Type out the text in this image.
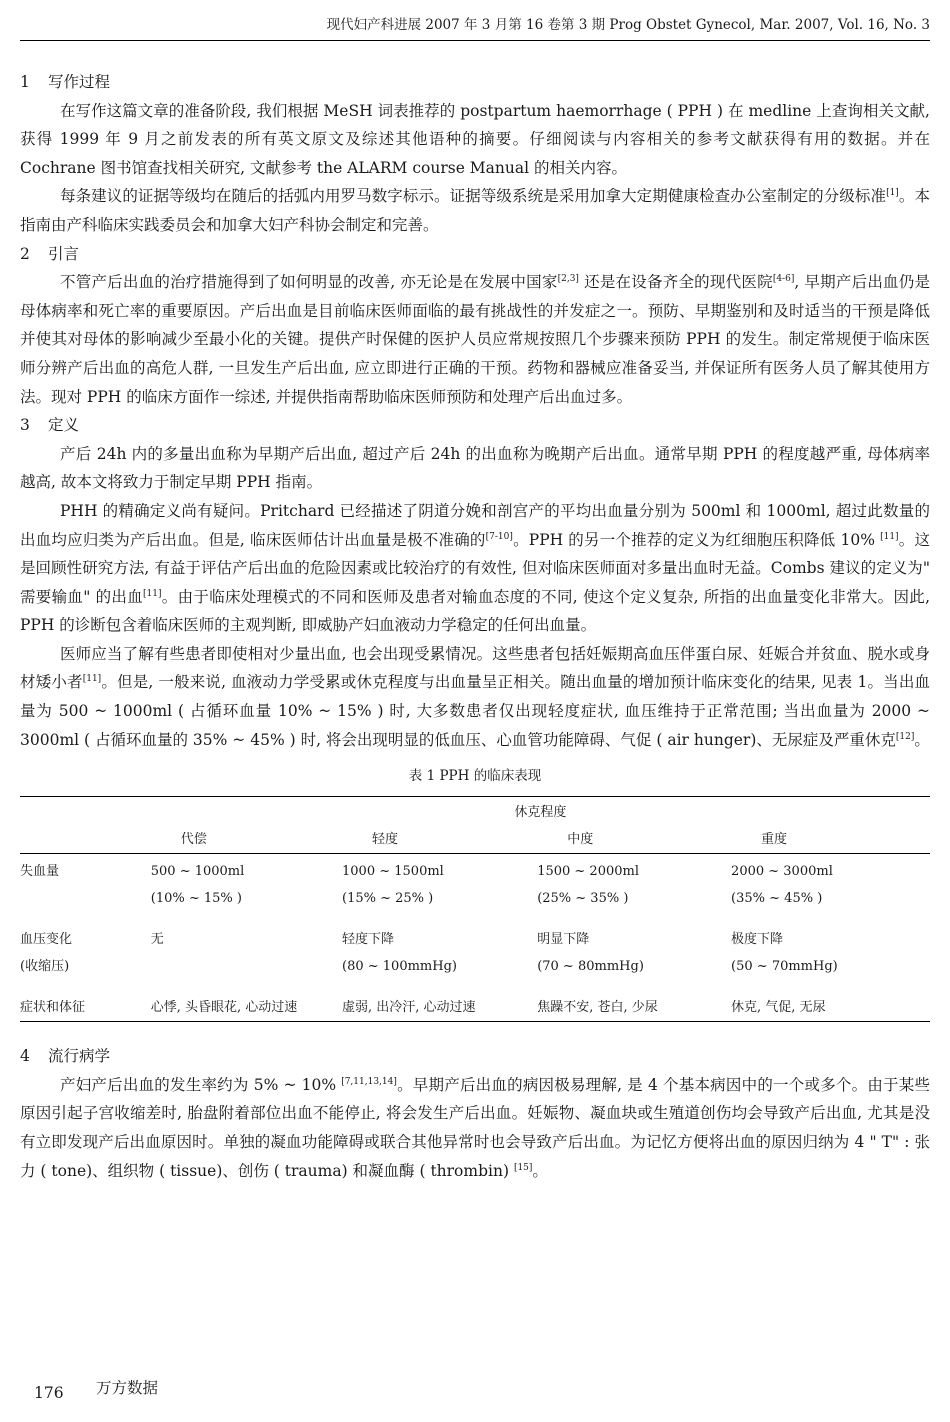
现代妇产科进展 2007 年 3 月第 16 卷第 3 期 Prog Obstet Gynecol, Mar. 2007, Vol. 16, No. 3
1 写作过程

在写作这篇文章的准备阶段, 我们根据 MeSH 词表推荐的 postpartum haemorrhage ( PPH ) 在 medline 上查询相关文献, 获得 1999 年 9 月之前发表的所有英文原文及综述其他语种的摘要。仔细阅读与内容相关的参考文献获得有用的数据。并在 Cochrane 图书馆查找相关研究, 文献参考 the ALARM course Manual 的相关内容。

每条建议的证据等级均在随后的括弧内用罗马数字标示。证据等级系统是采用加拿大定期健康检查办公室制定的分级标准[1]。本指南由产科临床实践委员会和加拿大妇产科协会制定和完善。

2 引言

不管产后出血的治疗措施得到了如何明显的改善, 亦无论是在发展中国家[2,3] 还是在设备齐全的现代医院[4-6], 早期产后出血仍是母体病率和死亡率的重要原因。产后出血是目前临床医师面临的最有挑战性的并发症之一。预防、早期鉴别和及时适当的干预是降低并使其对母体的影响减少至最小化的关键。提供产时保健的医护人员应常规按照几个步骤来预防 PPH 的发生。制定常规便于临床医师分辨产后出血的高危人群, 一旦发生产后出血, 应立即进行正确的干预。药物和器械应准备妥当, 并保证所有医务人员了解其使用方法。现对 PPH 的临床方面作一综述, 并提供指南帮助临床医师预防和处理产后出血过多。

3 定义

产后 24h 内的多量出血称为早期产后出血, 超过产后 24h 的出血称为晚期产后出血。通常早期 PPH 的程度越严重, 母体病率越高, 故本文将致力于制定早期 PPH 指南。

PHH 的精确定义尚有疑问。Pritchard 已经描述了阴道分娩和剖宫产的平均出血量分别为 500ml 和 1000ml, 超过此数量的出血均应归类为产后出血。但是, 临床医师估计出血量是极不准确的[7-10]。PPH 的另一个推荐的定义为红细胞压积降低 10% [11]。这是回顾性研究方法, 有益于评估产后出血的危险因素或比较治疗的有效性, 但对临床医师面对多量出血时无益。Combs 建议的定义为" 需要输血" 的出血[11]。由于临床处理模式的不同和医师及患者对输血态度的不同, 使这个定义复杂, 所指的出血量变化非常大。因此, PPH 的诊断包含着临床医师的主观判断, 即威胁产妇血液动力学稳定的任何出血量。

医师应当了解有些患者即使相对少量出血, 也会出现受累情况。这些患者包括妊娠期高血压伴蛋白尿、妊娠合并贫血、脱水或身材矮小者[11]。但是, 一般来说, 血液动力学受累或休克程度与出血量呈正相关。随出血量的增加预计临床变化的结果, 见表 1。当出血量为 500 ~ 1000ml ( 占循环血量 10% ~ 15% ) 时, 大多数患者仅出现轻度症状, 血压维持于正常范围; 当出血量为 2000 ~ 3000ml ( 占循环血量的 35% ~ 45% ) 时, 将会出现明显的低血压、心血管功能障碍、气促 ( air hunger)、无尿症及严重休克[12]。

表 1 PPH 的临床表现
	休克程度			
	代偿	轻度	中度	重度

失血量	500 ~ 1000ml	1000 ~ 1500ml	1500 ~ 2000ml	2000 ~ 3000ml
	(10% ~ 15% )	(15% ~ 25% )	(25% ~ 35% )	(35% ~ 45% )

血压变化	无	轻度下降	明显下降	极度下降
(收缩压)		(80 ~ 100mmHg)	(70 ~ 80mmHg)	(50 ~ 70mmHg)

症状和体征	心悸, 头昏眼花, 心动过速	虚弱, 出冷汗, 心动过速	焦躁不安, 苍白, 少尿	休克, 气促, 无尿
4 流行病学

产妇产后出血的发生率约为 5% ~ 10% [7,11,13,14]。早期产后出血的病因极易理解, 是 4 个基本病因中的一个或多个。由于某些原因引起子宫收缩差时, 胎盘附着部位出血不能停止, 将会发生产后出血。妊娠物、凝血块或生殖道创伤均会导致产后出血, 尤其是没有立即发现产后出血原因时。单独的凝血功能障碍或联合其他异常时也会导致产后出血。为记忆方便将出血的原因归纳为 4 " T" : 张力 ( tone)、组织物 ( tissue)、创伤 ( trauma) 和凝血酶 ( thrombin) [15]。

176 万方数据
